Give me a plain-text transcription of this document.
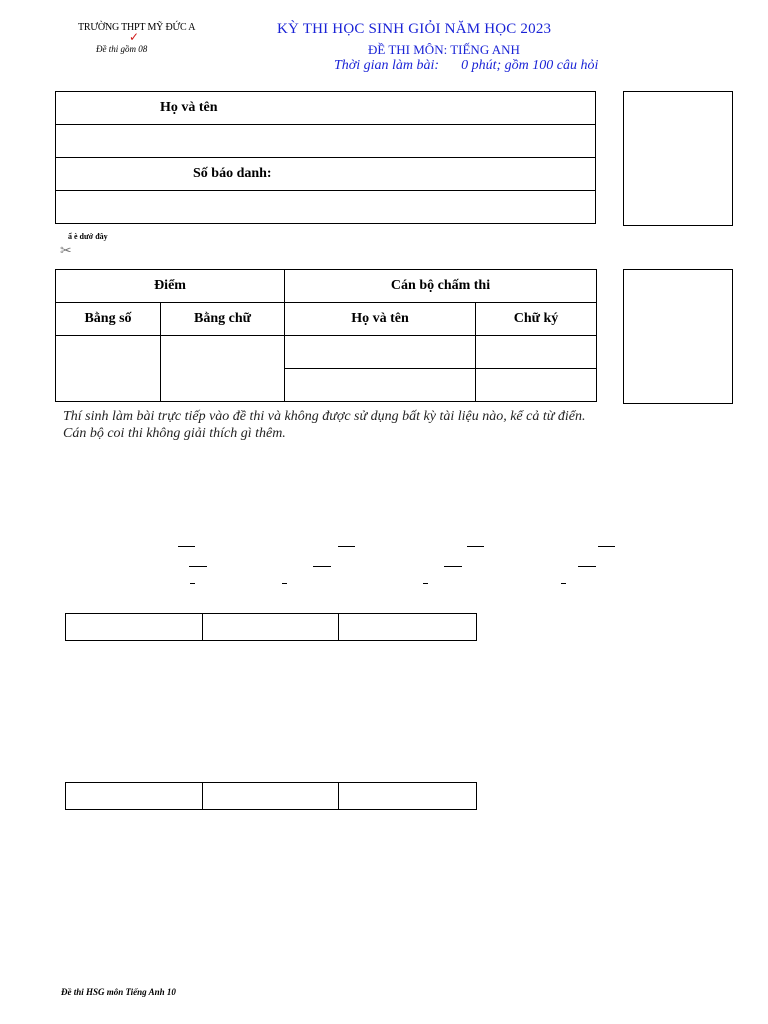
TRƯỜNG THPT MỸ ĐỨC A
✓
Đề thi gồm 08
KỲ THI HỌC SINH GIỎI NĂM HỌC 2023
ĐỀ THI MÔN: TIẾNG ANH
Thời gian làm bài: 0 phút; gồm 100 câu hỏi
Họ và tên

Số báo danh:

ẩ è dướ đây
✂
Điểm		Cán bộ chấm thi	
Bằng số	Bằng chữ	Họ và tên	Chữ ký

Thí sinh làm bài trực tiếp vào đề thi và không được sử dụng bất kỳ tài liệu nào, kể cả từ điển.
Cán bộ coi thi không giải thích gì thêm.

Đề thi HSG môn Tiếng Anh 10
